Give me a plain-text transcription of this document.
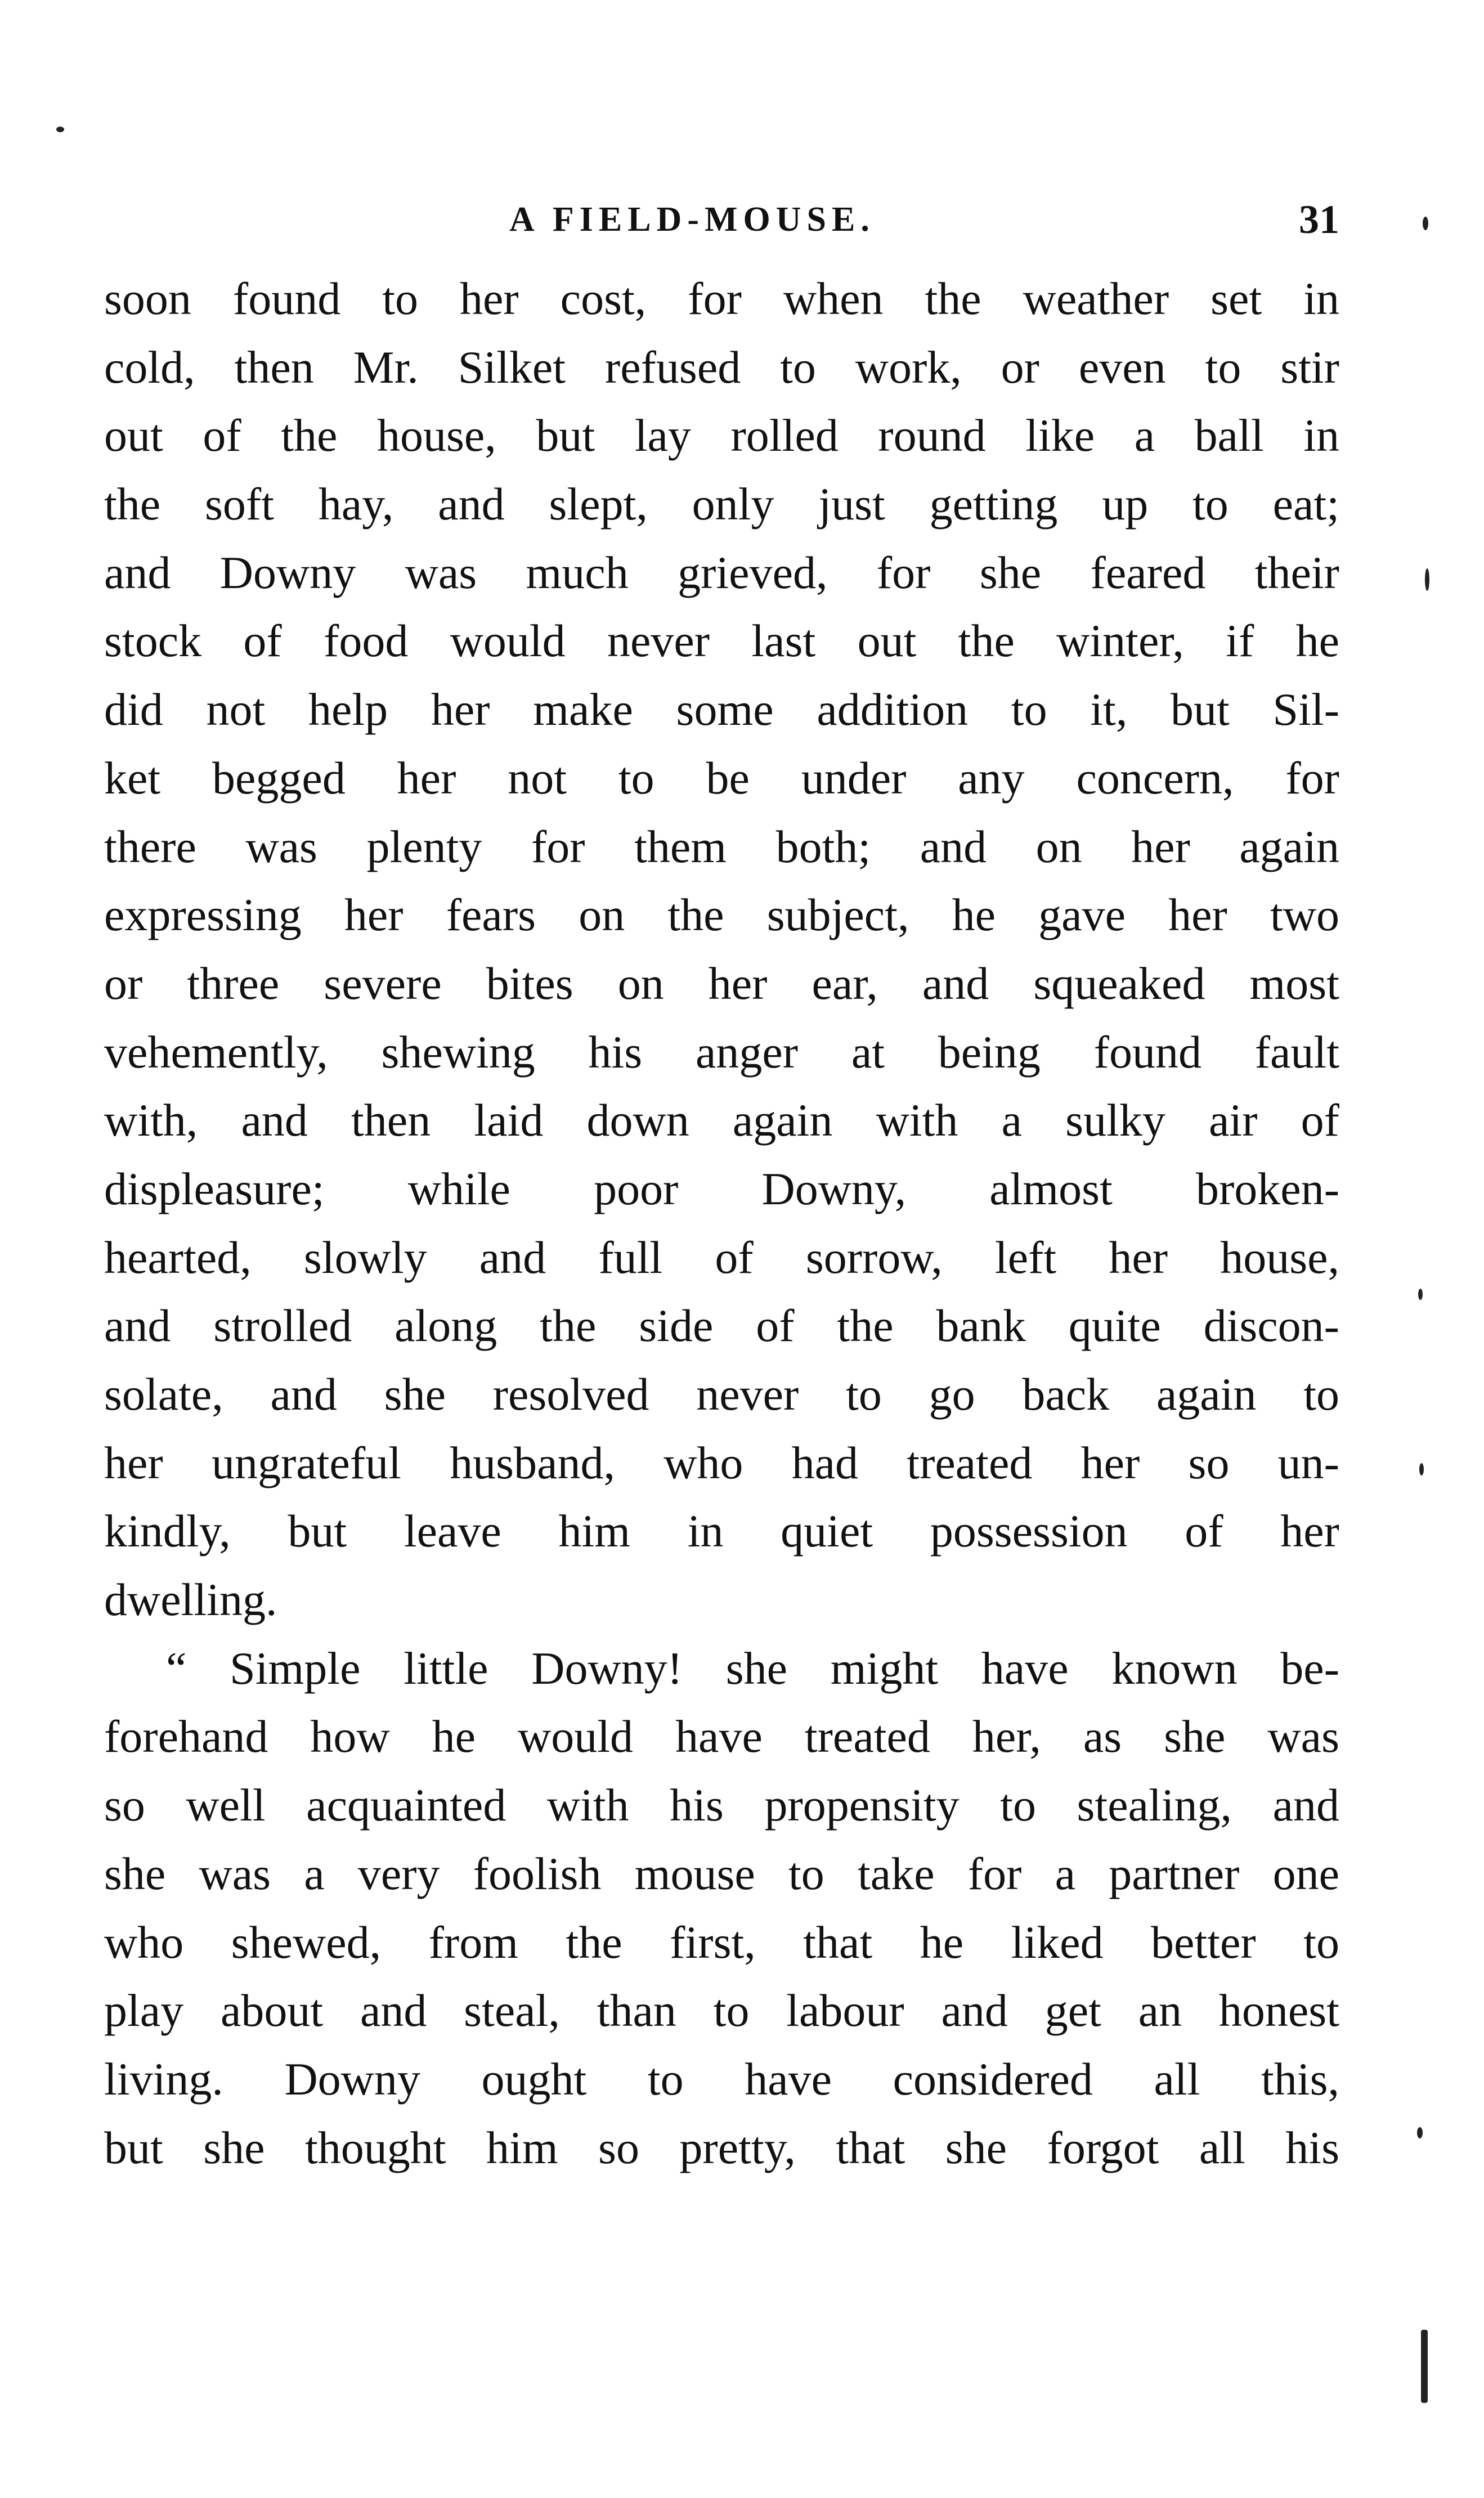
A FIELD-MOUSE.	31
soon found to her cost, for when the weather set in
cold, then Mr. Silket refused to work, or even to stir
out of the house, but lay rolled round like a ball in
the soft hay, and slept, only just getting up to eat;
and Downy was much grieved, for she feared their
stock of food would never last out the winter, if he
did not help her make some addition to it, but Sil-
ket begged her not to be under any concern, for
there was plenty for them both; and on her again
expressing her fears on the subject, he gave her two
or three severe bites on her ear, and squeaked most
vehemently, shewing his anger at being found fault
with, and then laid down again with a sulky air of
displeasure; while poor Downy, almost broken-
hearted, slowly and full of sorrow, left her house,
and strolled along the side of the bank quite discon-
solate, and she resolved never to go back again to
her ungrateful husband, who had treated her so un-
kindly, but leave him in quiet possession of her
dwelling.
“ Simple little Downy! she might have known be-
forehand how he would have treated her, as she was
so well acquainted with his propensity to stealing, and
she was a very foolish mouse to take for a partner one
who shewed, from the first, that he liked better to
play about and steal, than to labour and get an honest
living. Downy ought to have considered all this,
but she thought him so pretty, that she forgot all his
